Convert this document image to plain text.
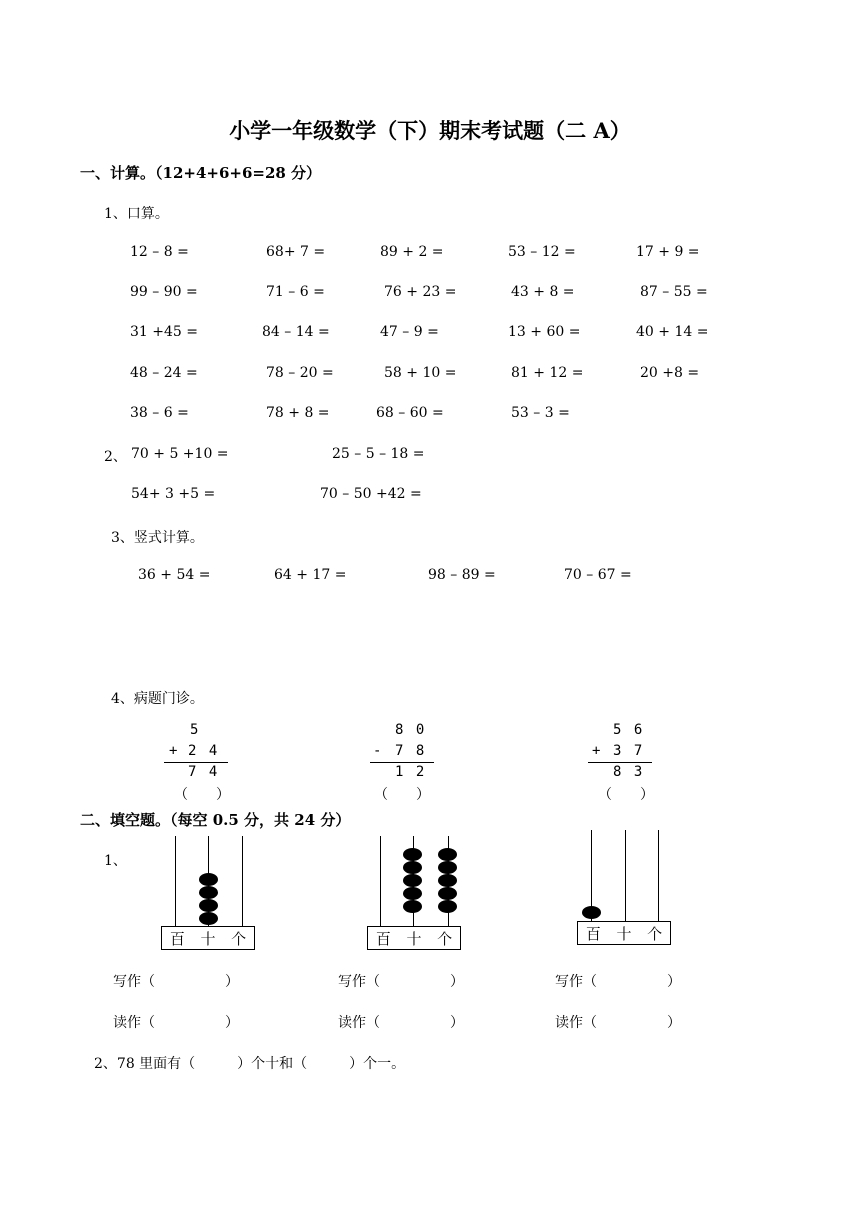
小学一年级数学（下）期末考试题（二 A）
一、计算。（12+4+6+6=28 分）
1、口算。
12 – 8 =	68+ 7 =	89 + 2 =	53 – 12 =	17 + 9 =
99 – 90 =	71 – 6 =	76 + 23 =	43 + 8 =	87 – 55 =
31 +45 =	84 – 14 =	47 – 9 =	13 + 60 =	40 + 14 =
48 – 24 =	78 – 20 =	58 + 10 =	81 + 12 =	20 +8 =
38 – 6 =	78 + 8 =	68 – 60 =	53 – 3 =
2、 70 + 5 +10 =	25 – 5 – 18 =
54+ 3 +5 =	70 – 50 +42 =
3、竖式计算。
36 + 54 =	64 + 17 =	98 – 89 =	70 – 67 =
4、病题门诊。
5
+ 2 4
7 4
（　　）
8 0
- 7 8
1 2
（　　）
5 6
+ 3 7
8 3
（　　）
二、填空题。（每空 0.5 分，共 24 分）
1、
百 十 个	百 十 个	百 十 个
写作（　　　　　）	写作（　　　　　）	写作（　　　　　）
读作（　　　　　）	读作（　　　　　）	读作（　　　　　）
2、78 里面有（　　　）个十和（　　　）个一。
